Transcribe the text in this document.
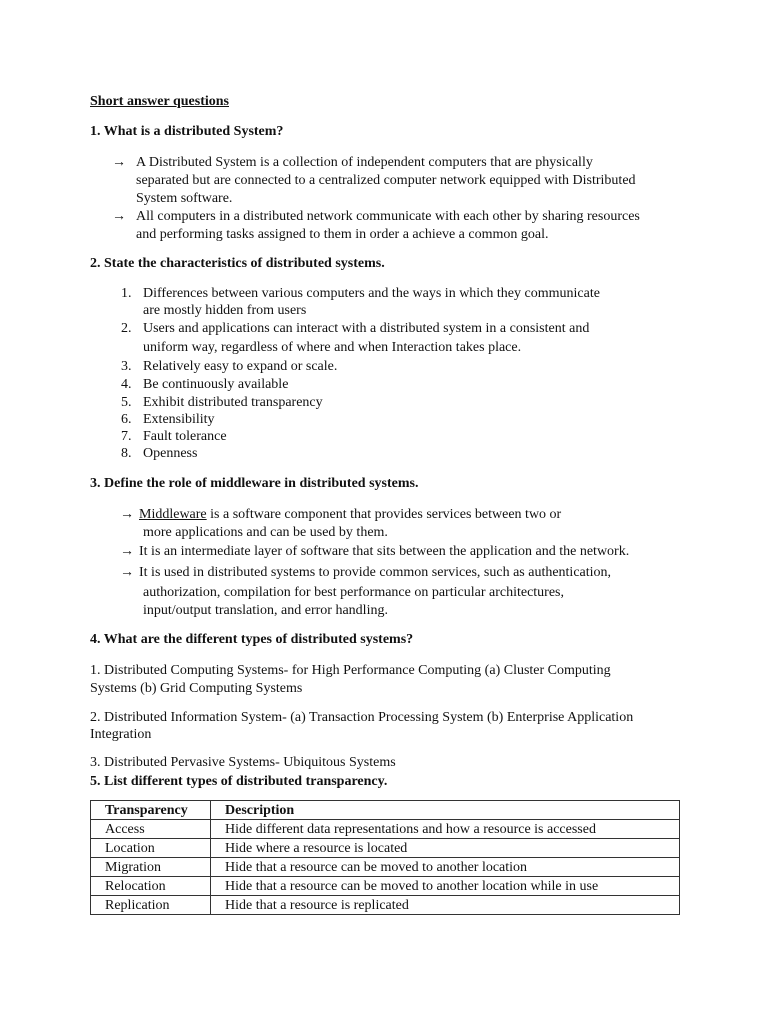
Short answer questions
1. What is a distributed System?
→ A Distributed System is a collection of independent computers that are physically
separated but are connected to a centralized computer network equipped with Distributed
System software.
→ All computers in a distributed network communicate with each other by sharing resources
and performing tasks assigned to them in order a achieve a common goal.
2. State the characteristics of distributed systems.
1. Differences between various computers and the ways in which they communicate
are mostly hidden from users
2. Users and applications can interact with a distributed system in a consistent and
uniform way, regardless of where and when Interaction takes place.
3. Relatively easy to expand or scale.
4. Be continuously available
5. Exhibit distributed transparency
6. Extensibility
7. Fault tolerance
8. Openness
3. Define the role of middleware in distributed systems.
→ Middleware is a software component that provides services between two or
more applications and can be used by them.
→ It is an intermediate layer of software that sits between the application and the network.
→ It is used in distributed systems to provide common services, such as authentication,
authorization, compilation for best performance on particular architectures,
input/output translation, and error handling.
4. What are the different types of distributed systems?
1. Distributed Computing Systems- for High Performance Computing (a) Cluster Computing
Systems (b) Grid Computing Systems
2. Distributed Information System- (a) Transaction Processing System (b) Enterprise Application
Integration
3. Distributed Pervasive Systems- Ubiquitous Systems
5. List different types of distributed transparency.
Transparency	Description
Access	Hide different data representations and how a resource is accessed
Location	Hide where a resource is located
Migration	Hide that a resource can be moved to another location
Relocation	Hide that a resource can be moved to another location while in use
Replication	Hide that a resource is replicated
